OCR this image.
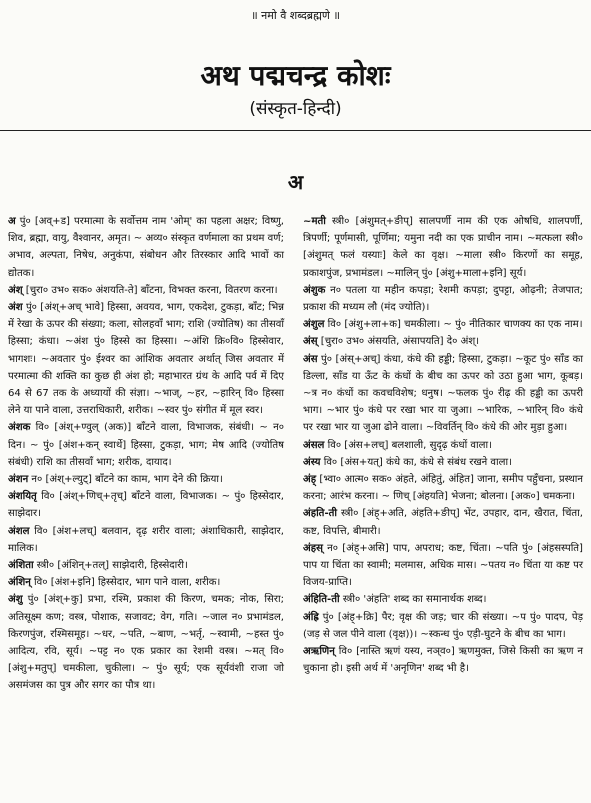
॥ नमो वै शब्दब्रह्मणे ॥
अथ पद्मचन्द्र कोशः
(संस्कृत-हिन्दी)
अ

अ पुं० [अव्+ड] परमात्मा के सर्वोत्तम नाम 'ओम्' का पहला अक्षर; विष्णु, शिव, ब्रह्मा, वायु, वैश्वानर, अमृत। ~ अव्य० संस्कृत वर्णमाला का प्रथम वर्ण; अभाव, अल्पता, निषेध, अनुकंपा, संबोधन और तिरस्कार आदि भावों का द्योतक।

अंश् [चुरा० उभ० सक० अंशयति-ते] बाँटना, विभक्त करना, वितरण करना।

अंश पुं० [अंश्+अच् भावे] हिस्सा, अवयव, भाग, एकदेश, टुकड़ा, बाँट; भिन्न में रेखा के ऊपर की संख्या; कला, सोलहवाँ भाग; राशि (ज्योतिष) का तीसवाँ हिस्सा; कंधा। ~अंश पुं० हिस्से का हिस्सा। ~अंशि क्रि०वि० हिस्सेवार, भागशः। ~अवतार पुं० ईश्वर का आंशिक अवतार अर्थात् जिस अवतार में परमात्मा की शक्ति का कुछ ही अंश हो; महाभारत ग्रंथ के आदि पर्व में दिए 64 से 67 तक के अध्यायों की संज्ञा। ~भाज्, ~हर, ~हारिन् वि० हिस्सा लेने या पाने वाला, उत्तराधिकारी, शरीक। ~स्वर पुं० संगीत में मूल स्वर।

अंशक वि० [अंश्+ण्वुल् (अक)] बाँटने वाला, विभाजक, संबंधी। ~ न० दिन। ~ पुं० [अंश+कन् स्वार्थे] हिस्सा, टुकड़ा, भाग; मेष आदि (ज्योतिष संबंधी) राशि का तीसवाँ भाग; शरीक, दायाद।

अंशन न० [अंश्+ल्युट्] बाँटने का काम, भाग देने की क्रिया।

अंशयितृ वि० [अंश्+णिच्+तृच्] बाँटने वाला, विभाजक। ~ पुं० हिस्सेदार, साझेदार।

अंशल वि० [अंश+लच्] बलवान, दृढ़ शरीर वाला; अंशाधिकारी, साझेदार, मालिक।

अंशिता स्त्री० [अंशिन्+तल्] साझेदारी, हिस्सेदारी।

अंशिन् वि० [अंश+इनि] हिस्सेदार, भाग पाने वाला, शरीक।

अंशु पुं० [अंश्+कु] प्रभा, रश्मि, प्रकाश की किरण, चमक; नोक, सिरा; अतिसूक्ष्म कण; वस्त्र, पोशाक, सजावट; वेग, गति। ~जाल न० प्रभामंडल, किरणपुंज, रश्मिसमूह। ~धर, ~पति, ~बाण, ~भर्तृ, ~स्वामी, ~हस्त पुं० आदित्य, रवि, सूर्य। ~पट्ट न० एक प्रकार का रेशमी वस्त्र। ~मत् वि० [अंशु+मतुप्] चमकीला, चुकीला। ~ पुं० सूर्य; एक सूर्यवंशी राजा जो असमंजस का पुत्र और सगर का पौत्र था।

~मती स्त्री० [अंशुमत्+ङीप्] सालपर्णी नाम की एक ओषधि, शालपर्णी, त्रिपर्णी; पूर्णमासी, पूर्णिमा; यमुना नदी का एक प्राचीन नाम। ~मत्फला स्त्री० [अंशुमत् फलं यस्याः] केले का वृक्ष। ~माला स्त्री० किरणों का समूह, प्रकाशपुंज, प्रभामंडल। ~मालिन् पुं० [अंशु+माला+इनि] सूर्य।

अंशुक न० पतला या महीन कपड़ा; रेशमी कपड़ा; दुपट्टा, ओढ़नी; तेजपात; प्रकाश की मध्यम लौ (मंद ज्योति)।

अंशुल वि० [अंशु+ला+क] चमकीला। ~ पुं० नीतिकार चाणक्य का एक नाम।

अंस् [चुरा० उभ० अंसयति, अंसापयति] दे० अंश्।

अंस पुं० [अंस्+अच्] कंधा, कंधे की हड्डी; हिस्सा, टुकड़ा। ~कूट पुं० साँड का डिल्ला, साँड या ऊँट के कंधों के बीच का ऊपर को उठा हुआ भाग, कूबड़। ~त्र न० कंधों का कवचविशेष; धनुष। ~फलक पुं० रीढ़ की हड्डी का ऊपरी भाग। ~भार पुं० कंधे पर रखा भार या जुआ। ~भारिक, ~भारिन् वि० कंधे पर रखा भार या जुआ ढोने वाला। ~विवर्तिन् वि० कंधे की ओर मुड़ा हुआ।

अंसल वि० [अंस+लच्] बलशाली, सुदृढ़ कंधों वाला।

अंस्य वि० [अंस+यत्] कंधे का, कंधे से संबंध रखने वाला।

अंह् [भ्वा० आत्म० सक० अंहते, अंहितुं, अंहित] जाना, समीप पहुँचना, प्रस्थान करना; आरंभ करना। ~ णिच् [अंहयति] भेजना; बोलना। [अक०] चमकना।

अंहति-ती स्त्री० [अंह्+अति, अंहति+ङीप्] भेंट, उपहार, दान, खैरात, चिंता, कष्ट, विपत्ति, बीमारी।

अंहस् न० [अंह्+असि] पाप, अपराध; कष्ट, चिंता। ~पति पुं० [अंहसस्पति] पाप या चिंता का स्वामी; मलमास, अधिक मास। ~पतय न० चिंता या कष्ट पर विजय-प्राप्ति।

अंहिति-ती स्त्री० 'अंहति' शब्द का समानार्थक शब्द।

अंह्रि पुं० [अंह्+क्रि] पैर; वृक्ष की जड़; चार की संख्या। ~प पुं० पादप, पेड़ (जड़ से जल पीने वाला (वृक्ष))। ~स्कन्ध पुं० एड़ी-घुटने के बीच का भाग।

अऋणिन् वि० [नास्ति ऋणं यस्य, नञ्‌व०] ऋणमुक्त, जिसे किसी का ऋण न चुकाना हो। इसी अर्थ में 'अनृणिन' शब्द भी है।
